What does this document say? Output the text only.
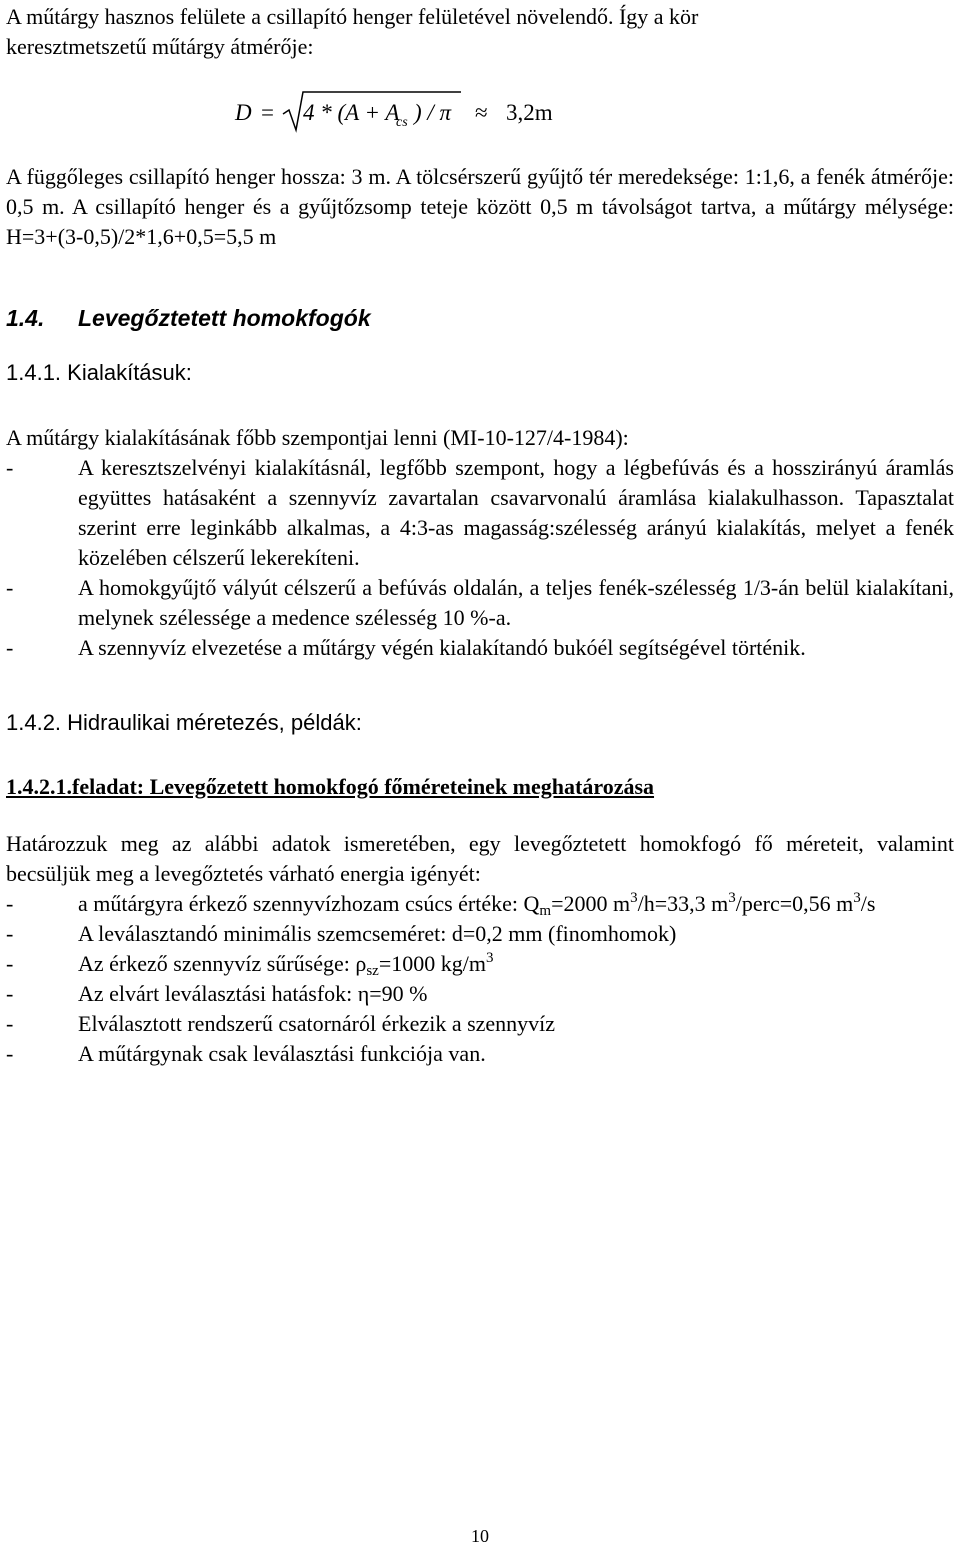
A műtárgy hasznos felülete a csillapító henger felületével növelendő. Így a kör
keresztmetszetű műtárgy átmérője:
D = 4 * (A + A
cs ) / π ≈ 3,2m
A függőleges csillapító henger hossza: 3 m. A tölcsérszerű gyűjtő tér meredeksége: 1:1,6, a fenék átmérője: 0,5 m. A csillapító henger és a gyűjtőzsomp teteje között 0,5 m távolságot tartva, a műtárgy mélysége: H=3+(3-0,5)/2*1,6+0,5=5,5 m
1.4. Levegőztetett homokfogók
1.4.1. Kialakításuk:
A műtárgy kialakításának főbb szempontjai lenni (MI-10-127/4-1984):
-	A keresztszelvényi kialakításnál, legfőbb szempont, hogy a légbefúvás és a hosszirányú áramlás együttes hatásaként a szennyvíz zavartalan csavarvonalú áramlása kialakulhasson. Tapasztalat szerint erre leginkább alkalmas, a 4:3-as magasság:szélesség arányú kialakítás, melyet a fenék közelében célszerű lekerekíteni.
-	A homokgyűjtő vályút célszerű a befúvás oldalán, a teljes fenék-szélesség 1/3-án belül kialakítani, melynek szélessége a medence szélesség 10 %-a.
-	A szennyvíz elvezetése a műtárgy végén kialakítandó bukóél segítségével történik.
1.4.2. Hidraulikai méretezés, példák:
1.4.2.1.feladat: Levegőzetett homokfogó főméreteinek meghatározása
Határozzuk meg az alábbi adatok ismeretében, egy levegőztetett homokfogó fő méreteit, valamint becsüljük meg a levegőztetés várható energia igényét:
-	a műtárgyra érkező szennyvízhozam csúcs értéke: $Q_m=2000$ $m^3/h=33,3$ $m^3/perc=0,56$ $m^3/s$
-	A leválasztandó minimális szemcseméret: d=0,2 mm (finomhomok)
-	Az érkező szennyvíz sűrűsége: $\rho_{sz}=1000$ $kg/m^3$
-	Az elvárt leválasztási hatásfok: η=90 %
-	Elválasztott rendszerű csatornáról érkezik a szennyvíz
-	A műtárgynak csak leválasztási funkciója van.
10
